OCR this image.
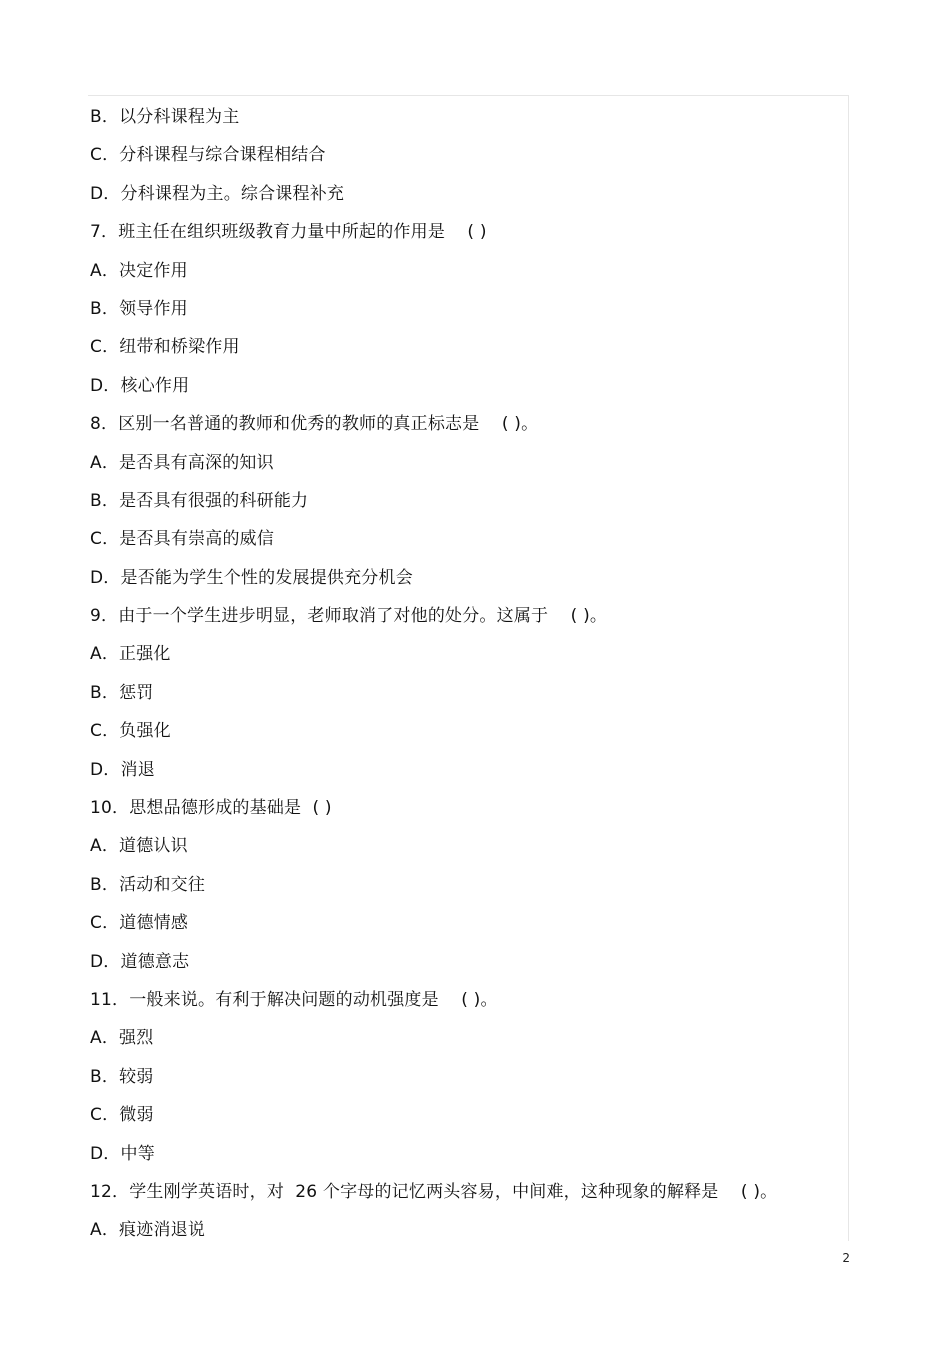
B．以分科课程为主
C．分科课程与综合课程相结合
D．分科课程为主。综合课程补充
7．班主任在组织班级教育力量中所起的作用是    ( )
A．决定作用
B．领导作用
C．纽带和桥梁作用
D．核心作用
8．区别一名普通的教师和优秀的教师的真正标志是    ( )。
A．是否具有高深的知识
B．是否具有很强的科研能力
C．是否具有崇高的威信
D．是否能为学生个性的发展提供充分机会
9．由于一个学生进步明显，老师取消了对他的处分。这属于    ( )。
A．正强化
B．惩罚
C．负强化
D．消退
10．思想品德形成的基础是  ( )
A．道德认识
B．活动和交往
C．道德情感
D．道德意志
11．一般来说。有利于解决问题的动机强度是    ( )。
A．强烈
B．较弱
C．微弱
D．中等
12．学生刚学英语时，对  26 个字母的记忆两头容易，中间难，这种现象的解释是    ( )。
A．痕迹消退说
2
